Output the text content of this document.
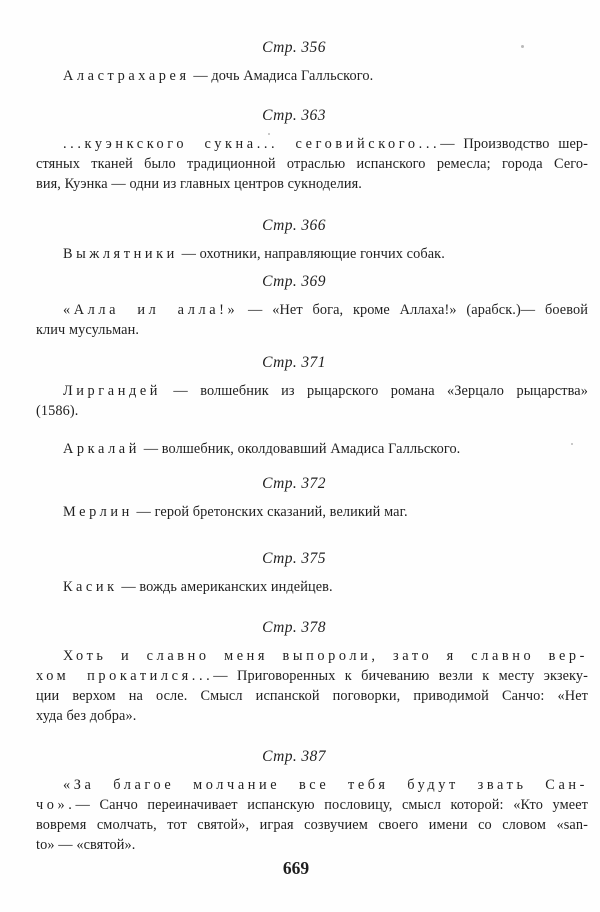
Стр. 356
Аластрахарея — дочь Амадиса Галльского.
Стр. 363
...куэнкского сукна... сеговийского...— Производство шер-
стяных тканей было традиционной отраслью испанского ремесла; города Сего-
вия, Куэнка — одни из главных центров сукноделия.
Стр. 366
Выжлятники — охотники, направляющие гончих собак.
Стр. 369
«Алла ил алла!» — «Нет бога, кроме Аллаха!» (арабск.)— боевой
клич мусульман.
Стр. 371
Лиргандей — волшебник из рыцарского романа «Зерцало рыцарства»
(1586).
Аркалай — волшебник, околдовавший Амадиса Галльского.
Стр. 372
Мерлин — герой бретонских сказаний, великий маг.
Стр. 375
Касик — вождь американских индейцев.
Стр. 378
Хоть и славно меня выпороли, зато я славно вер-
хом прокатился...— Приговоренных к бичеванию везли к месту экзеку-
ции верхом на осле. Смысл испанской поговорки, приводимой Санчо: «Нет
худа без добра».
Стр. 387
«За благое молчание все тебя будут звать Сан-
чо».— Санчо переиначивает испанскую пословицу, смысл которой: «Кто умеет
вовремя смолчать, тот святой», играя созвучием своего имени со словом «san-
to» — «святой».
669
